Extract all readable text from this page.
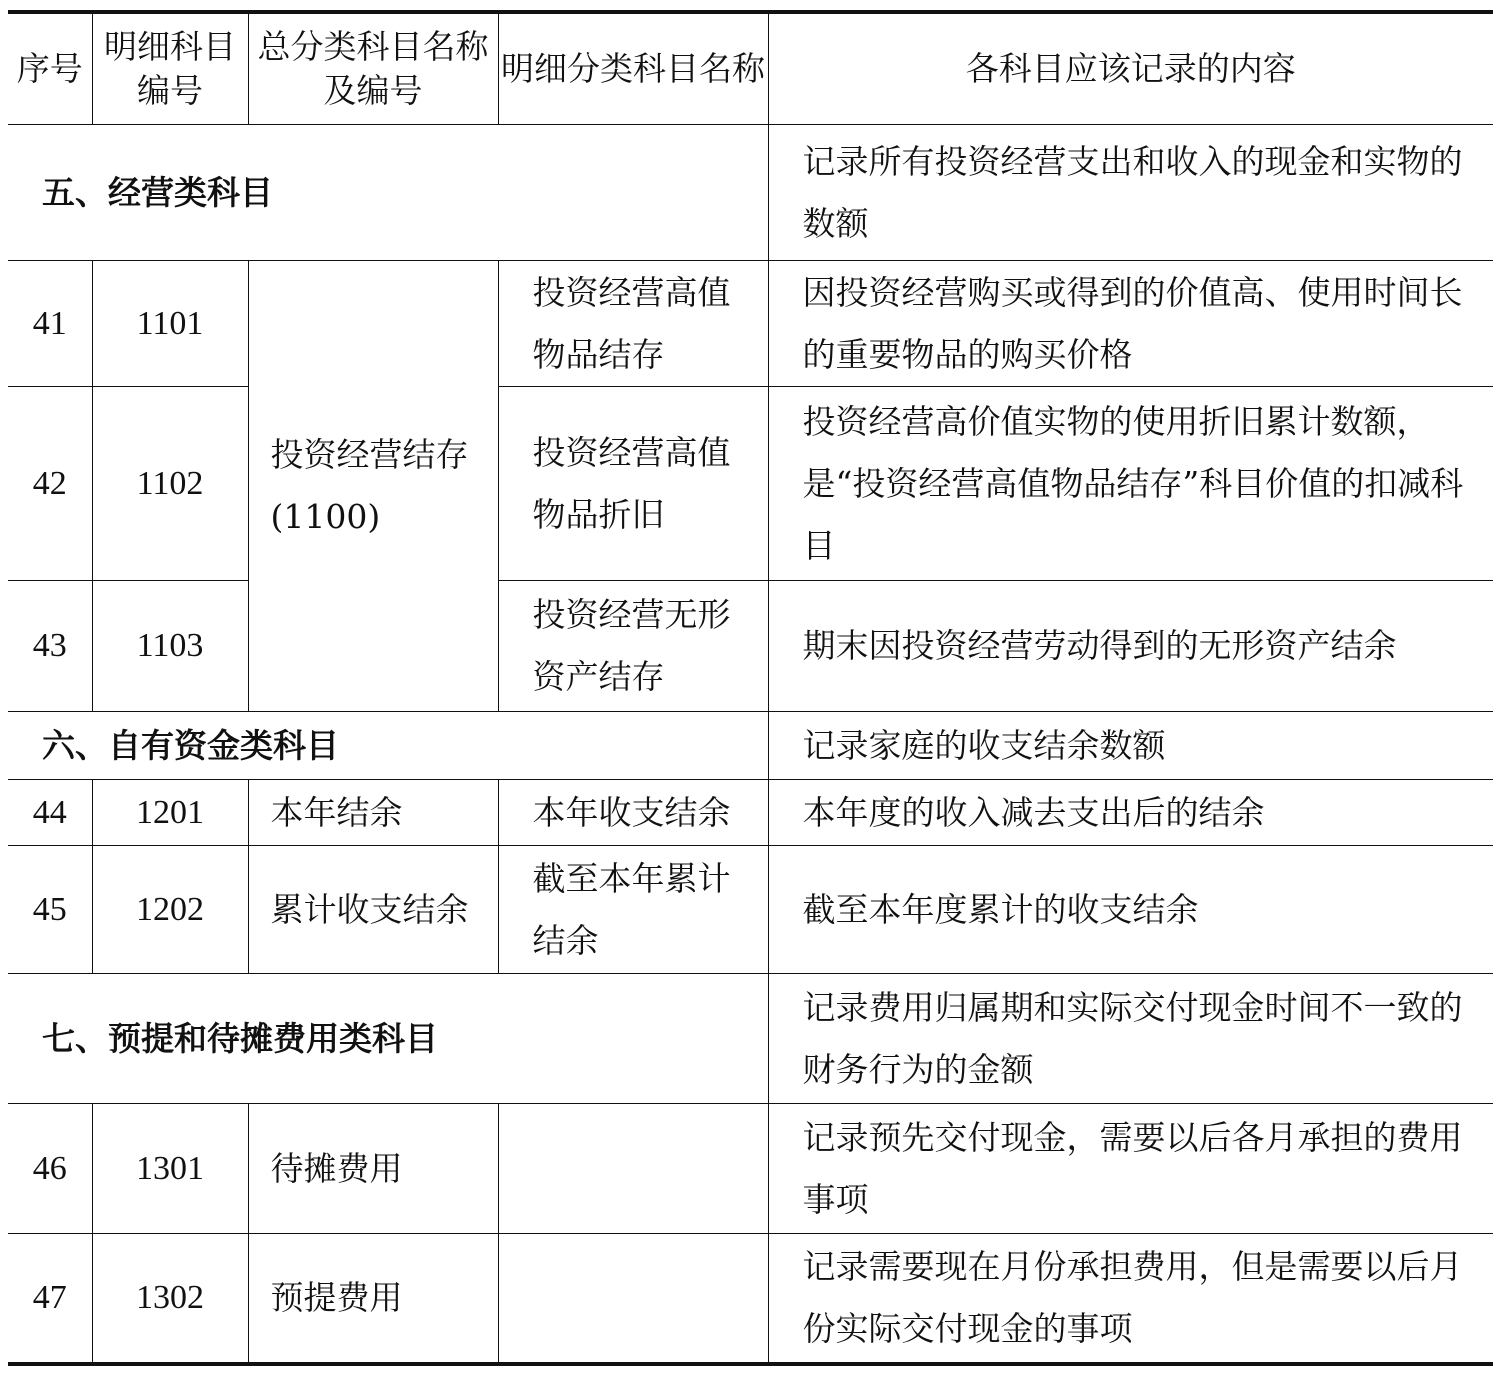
序号	明细科目编号	总分类科目名称及编号	明细分类科目名称	各科目应该记录的内容
五、经营类科目				记录所有投资经营支出和收入的现金和实物的数额
41	1101	投资经营结存(1100)	投资经营高值物品结存	因投资经营购买或得到的价值高、使用时间长的重要物品的购买价格
42	1102		投资经营高值物品折旧	投资经营高价值实物的使用折旧累计数额，是“投资经营高值物品结存”科目价值的扣减科目
43	1103		投资经营无形资产结存	期末因投资经营劳动得到的无形资产结余
六、自有资金类科目				记录家庭的收支结余数额
44	1201	本年结余	本年收支结余	本年度的收入减去支出后的结余
45	1202	累计收支结余	截至本年累计结余	截至本年度累计的收支结余
七、预提和待摊费用类科目				记录费用归属期和实际交付现金时间不一致的财务行为的金额
46	1301	待摊费用		记录预先交付现金，需要以后各月承担的费用事项
47	1302	预提费用		记录需要现在月份承担费用，但是需要以后月份实际交付现金的事项
